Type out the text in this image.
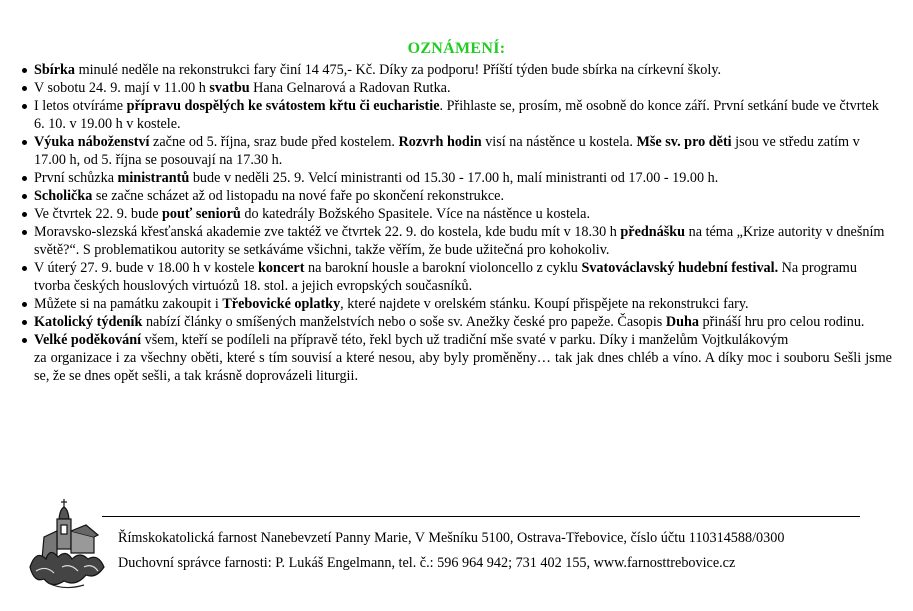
OZNÁMENÍ:
Sbírka minulé neděle na rekonstrukci fary činí 14 475,- Kč. Díky za podporu! Příští týden bude sbírka na církevní školy.
V sobotu 24. 9. mají v 11.00 h svatbu Hana Gelnarová a Radovan Rutka.
I letos otvíráme přípravu dospělých ke svátostem křtu či eucharistie. Přihlaste se, prosím, mě osobně do konce září. První setkání bude ve čtvrtek 6. 10. v 19.00 h v kostele.
Výuka náboženství začne od 5. října, sraz bude před kostelem. Rozvrh hodin visí na nástěnce u kostela. Mše sv. pro děti jsou ve středu zatím v 17.00 h, od 5. října se posouvají na 17.30 h.
První schůzka ministrantů bude v neděli 25. 9. Velcí ministranti od 15.30 - 17.00 h, malí ministranti od 17.00 - 19.00 h.
Scholička se začne scházet až od listopadu na nové faře po skončení rekonstrukce.
Ve čtvrtek 22. 9. bude pouť seniorů do katedrály Božského Spasitele. Více na nástěnce u kostela.
Moravsko-slezská křesťanská akademie zve taktéž ve čtvrtek 22. 9. do kostela, kde budu mít v 18.30 h přednášku na téma „Krize autority v dnešním světě?“. S problematikou autority se setkáváme všichni, takže věřím, že bude užitečná pro kohokoliv.
V úterý 27. 9. bude v 18.00 h v kostele koncert na barokní housle a barokní violoncello z cyklu Svatováclavský hudební festival. Na programu tvorba českých houslových virtuózů 18. stol. a jejich evropských současníků.
Můžete si na památku zakoupit i Třebovické oplatky, které najdete v orelském stánku. Koupí přispějete na rekonstrukci fary.
Katolický týdeník nabízí články o smíšených manželstvích nebo o soše sv. Anežky české pro papeže. Časopis Duha přináší hru pro celou rodinu.
Velké poděkování všem, kteří se podíleli na přípravě této, řekl bych už tradiční mše svaté v parku. Díky i manželům Vojtkulákovým
za organizace i za všechny oběti, které s tím souvisí a které nesou, aby byly proměněny… tak jak dnes chléb a víno. A díky moc i souboru Sešli jsme se, že se dnes opět sešli, a tak krásně doprovázeli liturgii.
Římskokatolická farnost Nanebevzetí Panny Marie, V Mešníku 5100, Ostrava-Třebovice, číslo účtu 110314588/0300
Duchovní správce farnosti: P. Lukáš Engelmann, tel. č.: 596 964 942; 731 402 155, www.farnosttrebovice.cz
